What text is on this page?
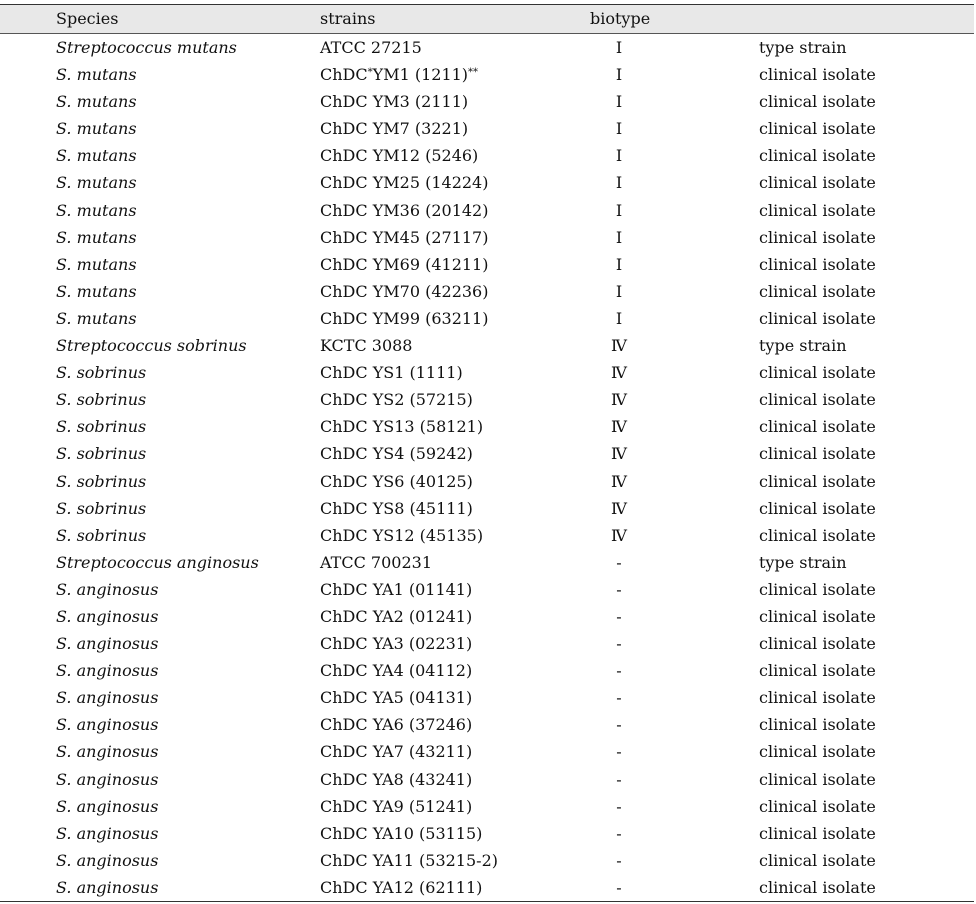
Species	strains	biotype
Streptococcus mutans	ATCC 27215	Ⅰ	type strain
S. mutans	ChDC*YM1 (1211)**	Ⅰ	clinical isolate
S. mutans	ChDC YM3 (2111)	Ⅰ	clinical isolate
S. mutans	ChDC YM7 (3221)	Ⅰ	clinical isolate
S. mutans	ChDC YM12 (5246)	Ⅰ	clinical isolate
S. mutans	ChDC YM25 (14224)	Ⅰ	clinical isolate
S. mutans	ChDC YM36 (20142)	Ⅰ	clinical isolate
S. mutans	ChDC YM45 (27117)	Ⅰ	clinical isolate
S. mutans	ChDC YM69 (41211)	Ⅰ	clinical isolate
S. mutans	ChDC YM70 (42236)	Ⅰ	clinical isolate
S. mutans	ChDC YM99 (63211)	Ⅰ	clinical isolate
Streptococcus sobrinus	KCTC 3088	Ⅳ	type strain
S. sobrinus	ChDC YS1 (1111)	Ⅳ	clinical isolate
S. sobrinus	ChDC YS2 (57215)	Ⅳ	clinical isolate
S. sobrinus	ChDC YS13 (58121)	Ⅳ	clinical isolate
S. sobrinus	ChDC YS4 (59242)	Ⅳ	clinical isolate
S. sobrinus	ChDC YS6 (40125)	Ⅳ	clinical isolate
S. sobrinus	ChDC YS8 (45111)	Ⅳ	clinical isolate
S. sobrinus	ChDC YS12 (45135)	Ⅳ	clinical isolate
Streptococcus anginosus	ATCC 700231	-	type strain
S. anginosus	ChDC YA1 (01141)	-	clinical isolate
S. anginosus	ChDC YA2 (01241)	-	clinical isolate
S. anginosus	ChDC YA3 (02231)	-	clinical isolate
S. anginosus	ChDC YA4 (04112)	-	clinical isolate
S. anginosus	ChDC YA5 (04131)	-	clinical isolate
S. anginosus	ChDC YA6 (37246)	-	clinical isolate
S. anginosus	ChDC YA7 (43211)	-	clinical isolate
S. anginosus	ChDC YA8 (43241)	-	clinical isolate
S. anginosus	ChDC YA9 (51241)	-	clinical isolate
S. anginosus	ChDC YA10 (53115)	-	clinical isolate
S. anginosus	ChDC YA11 (53215-2)	-	clinical isolate
S. anginosus	ChDC YA12 (62111)	-	clinical isolate
